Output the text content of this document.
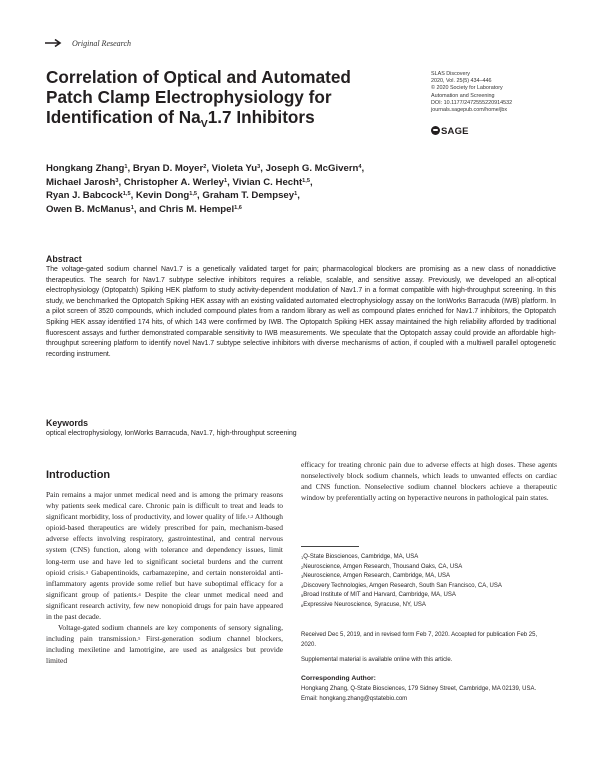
Original Research
Correlation of Optical and Automated
Patch Clamp Electrophysiology for
Identification of $Na_V1.7$ Inhibitors
SLAS Discovery
2020, Vol. 25(5) 434–446
© 2020 Society for Laboratory
Automation and Screening
DOI: 10.1177/2472555220914532
journals.sagepub.com/home/jbx
SAGE
Hongkang Zhang$^1$, Bryan D. Moyer$^2$, Violeta Yu$^3$, Joseph G. McGivern$^4$,
Michael Jarosh$^3$, Christopher A. Werley$^1$, Vivian C. Hecht$^{1,5}$,
Ryan J. Babcock$^{1,5}$, Kevin Dong$^{1,5}$, Graham T. Dempsey$^1$,
Owen B. McManus$^1$, and Chris M. Hempel$^{1,6}$
Abstract
The voltage-gated sodium channel Nav1.7 is a genetically validated target for pain; pharmacological blockers are promising as a new class of nonaddictive therapeutics. The search for Nav1.7 subtype selective inhibitors requires a reliable, scalable, and sensitive assay. Previously, we developed an all-optical electrophysiology (Optopatch) Spiking HEK platform to study activity-dependent modulation of Nav1.7 in a format compatible with high-throughput screening. In this study, we benchmarked the Optopatch Spiking HEK assay with an existing validated automated electrophysiology assay on the IonWorks Barracuda (IWB) platform. In a pilot screen of 3520 compounds, which included compound plates from a random library as well as compound plates enriched for Nav1.7 inhibitors, the Optopatch Spiking HEK assay identified 174 hits, of which 143 were confirmed by IWB. The Optopatch Spiking HEK assay maintained the high reliability afforded by traditional fluorescent assays and further demonstrated comparable sensitivity to IWB measurements. We speculate that the Optopatch assay could provide an affordable high-throughput screening platform to identify novel Nav1.7 subtype selective inhibitors with diverse mechanisms of action, if coupled with a multiwell parallel optogenetic recording instrument.
Keywords
optical electrophysiology, IonWorks Barracuda, Nav1.7, high-throughput screening
Introduction

Pain remains a major unmet medical need and is among the primary reasons why patients seek medical care. Chronic pain is difficult to treat and leads to significant morbidity, loss of productivity, and lower quality of life.$^{1,2}$ Although opioid-based therapeutics are widely prescribed for pain, mechanism-based adverse effects involving respiratory, gastrointestinal, and central nervous system (CNS) function, along with tolerance and dependency issues, limit long-term use and have led to significant societal burdens and the current opioid crisis.$^3$ Gabapentinoids, carbamazepine, and certain nonsteroidal anti-inflammatory agents provide some relief but have suboptimal efficacy for a significant group of patients.$^4$ Despite the clear unmet medical need and significant research activity, few new nonopioid drugs for pain have appeared in the past decade.

Voltage-gated sodium channels are key components of sensory signaling, including pain transmission.$^5$ First-generation sodium channel blockers, including mexiletine and lamotrigine, are used as analgesics but provide limited

efficacy for treating chronic pain due to adverse effects at high doses. These agents nonselectively block sodium channels, which leads to unwanted effects on cardiac and CNS function. Nonselective sodium channel blockers achieve a therapeutic window by preferentially acting on hyperactive neurons in pathological pain states.

$^1$Q-State Biosciences, Cambridge, MA, USA
$^2$Neuroscience, Amgen Research, Thousand Oaks, CA, USA
$^3$Neuroscience, Amgen Research, Cambridge, MA, USA
$^4$Discovery Technologies, Amgen Research, South San Francisco, CA, USA
$^5$Broad Institute of MIT and Harvard, Cambridge, MA, USA
$^6$Expressive Neuroscience, Syracuse, NY, USA
Received Dec 5, 2019, and in revised form Feb 7, 2020. Accepted for publication Feb 25, 2020.
Supplemental material is available online with this article.
Corresponding Author:
Hongkang Zhang, Q-State Biosciences, 179 Sidney Street, Cambridge, MA 02139, USA.
Email: hongkang.zhang@qstatebio.com
